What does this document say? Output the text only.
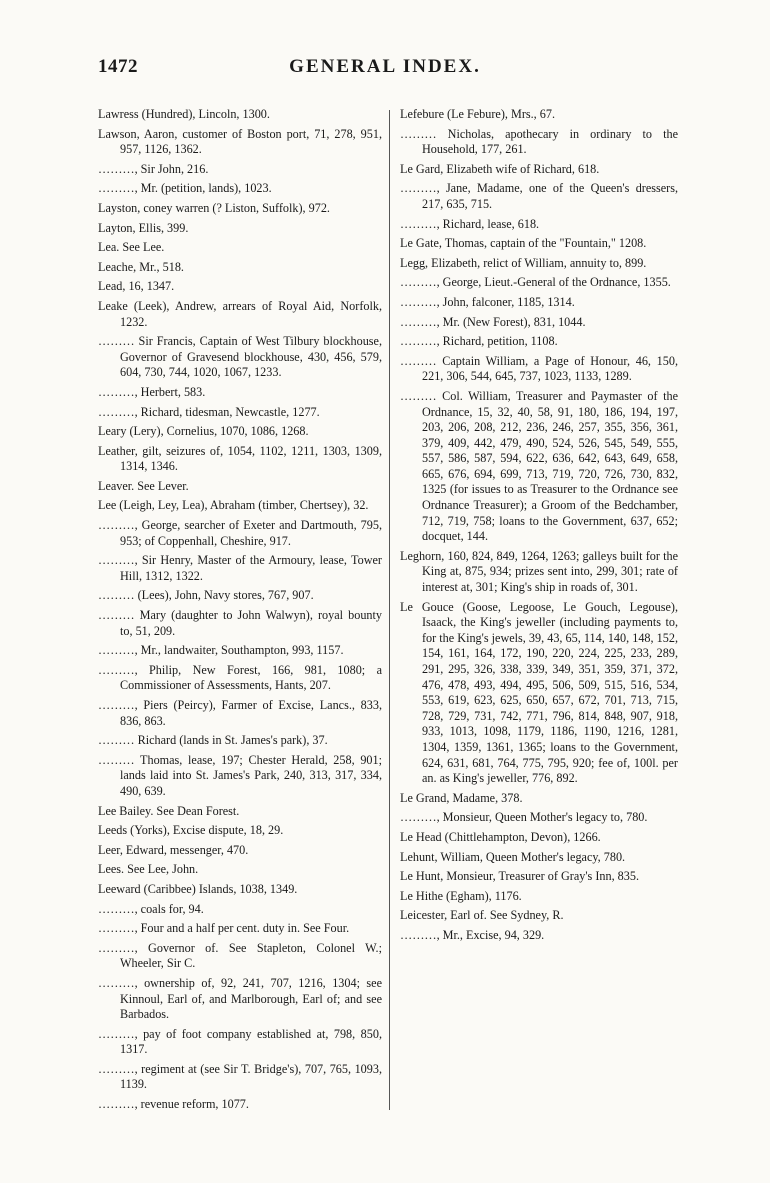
1472	GENERAL INDEX.

Lawress (Hundred), Lincoln, 1300.

Lawson, Aaron, customer of Boston port, 71, 278, 951, 957, 1126, 1362.

………, Sir John, 216.

………, Mr. (petition, lands), 1023.

Layston, coney warren (? Liston, Suffolk), 972.

Layton, Ellis, 399.

Lea. See Lee.

Leache, Mr., 518.

Lead, 16, 1347.

Leake (Leek), Andrew, arrears of Royal Aid, Norfolk, 1232.

……… Sir Francis, Captain of West Tilbury blockhouse, Governor of Gravesend blockhouse, 430, 456, 579, 604, 730, 744, 1020, 1067, 1233.

………, Herbert, 583.

………, Richard, tidesman, Newcastle, 1277.

Leary (Lery), Cornelius, 1070, 1086, 1268.

Leather, gilt, seizures of, 1054, 1102, 1211, 1303, 1309, 1314, 1346.

Leaver. See Lever.

Lee (Leigh, Ley, Lea), Abraham (timber, Chertsey), 32.

………, George, searcher of Exeter and Dartmouth, 795, 953; of Coppenhall, Cheshire, 917.

………, Sir Henry, Master of the Armoury, lease, Tower Hill, 1312, 1322.

……… (Lees), John, Navy stores, 767, 907.

……… Mary (daughter to John Walwyn), royal bounty to, 51, 209.

………, Mr., landwaiter, Southampton, 993, 1157.

………, Philip, New Forest, 166, 981, 1080; a Commissioner of Assessments, Hants, 207.

………, Piers (Peircy), Farmer of Excise, Lancs., 833, 836, 863.

……… Richard (lands in St. James's park), 37.

……… Thomas, lease, 197; Chester Herald, 258, 901; lands laid into St. James's Park, 240, 313, 317, 334, 490, 639.

Lee Bailey. See Dean Forest.

Leeds (Yorks), Excise dispute, 18, 29.

Leer, Edward, messenger, 470.

Lees. See Lee, John.

Leeward (Caribbee) Islands, 1038, 1349.

………, coals for, 94.

………, Four and a half per cent. duty in. See Four.

………, Governor of. See Stapleton, Colonel W.; Wheeler, Sir C.

………, ownership of, 92, 241, 707, 1216, 1304; see Kinnoul, Earl of, and Marlborough, Earl of; and see Barbados.

………, pay of foot company established at, 798, 850, 1317.

………, regiment at (see Sir T. Bridge's), 707, 765, 1093, 1139.

………, revenue reform, 1077.

Lefebure (Le Febure), Mrs., 67.

……… Nicholas, apothecary in ordinary to the Household, 177, 261.

Le Gard, Elizabeth wife of Richard, 618.

………, Jane, Madame, one of the Queen's dressers, 217, 635, 715.

………, Richard, lease, 618.

Le Gate, Thomas, captain of the "Fountain," 1208.

Legg, Elizabeth, relict of William, annuity to, 899.

………, George, Lieut.-General of the Ordnance, 1355.

………, John, falconer, 1185, 1314.

………, Mr. (New Forest), 831, 1044.

………, Richard, petition, 1108.

……… Captain William, a Page of Honour, 46, 150, 221, 306, 544, 645, 737, 1023, 1133, 1289.

……… Col. William, Treasurer and Paymaster of the Ordnance, 15, 32, 40, 58, 91, 180, 186, 194, 197, 203, 206, 208, 212, 236, 246, 257, 355, 356, 361, 379, 409, 442, 479, 490, 524, 526, 545, 549, 555, 557, 586, 587, 594, 622, 636, 642, 643, 649, 658, 665, 676, 694, 699, 713, 719, 720, 726, 730, 832, 1325 (for issues to as Treasurer to the Ordnance see Ordnance Treasurer); a Groom of the Bedchamber, 712, 719, 758; loans to the Government, 637, 652; docquet, 144.

Leghorn, 160, 824, 849, 1264, 1263; galleys built for the King at, 875, 934; prizes sent into, 299, 301; rate of interest at, 301; King's ship in roads of, 301.

Le Gouce (Goose, Legoose, Le Gouch, Legouse), Isaack, the King's jeweller (including payments to, for the King's jewels, 39, 43, 65, 114, 140, 148, 152, 154, 161, 164, 172, 190, 220, 224, 225, 233, 289, 291, 295, 326, 338, 339, 349, 351, 359, 371, 372, 476, 478, 493, 494, 495, 506, 509, 515, 516, 534, 553, 619, 623, 625, 650, 657, 672, 701, 713, 715, 728, 729, 731, 742, 771, 796, 814, 848, 907, 918, 933, 1013, 1098, 1179, 1186, 1190, 1216, 1281, 1304, 1359, 1361, 1365; loans to the Government, 624, 631, 681, 764, 775, 795, 920; fee of, 100l. per an. as King's jeweller, 776, 892.

Le Grand, Madame, 378.

………, Monsieur, Queen Mother's legacy to, 780.

Le Head (Chittlehampton, Devon), 1266.

Lehunt, William, Queen Mother's legacy, 780.

Le Hunt, Monsieur, Treasurer of Gray's Inn, 835.

Le Hithe (Egham), 1176.

Leicester, Earl of. See Sydney, R.

………, Mr., Excise, 94, 329.
